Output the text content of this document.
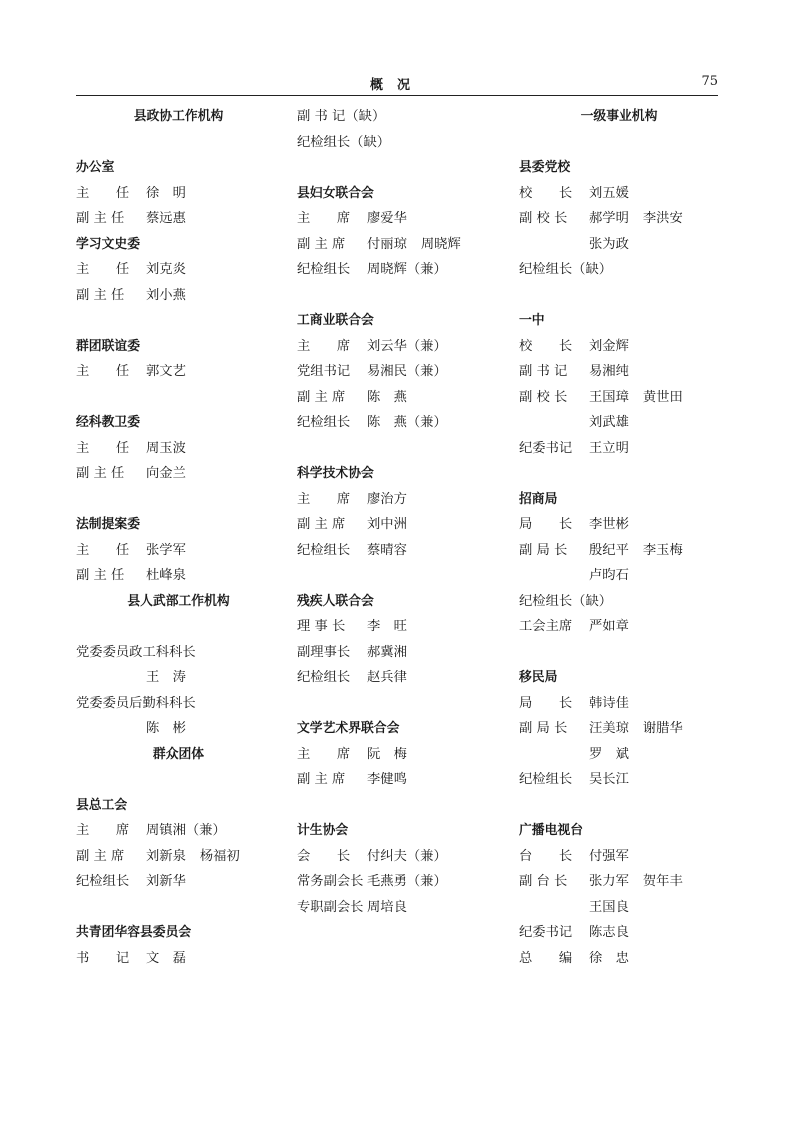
概况	75
县政协工作机构
办公室
主　　任 徐　明
副 主 任 蔡远惠
学习文史委
主　　任 刘克炎
副 主 任 刘小燕
群团联谊委
主　　任 郭文艺
经科教卫委
主　　任 周玉波
副 主 任 向金兰
法制提案委
主　　任 张学军
副 主 任 杜峰泉
县人武部工作机构
党委委员政工科科长
王　涛
党委委员后勤科科长
陈　彬
群众团体
县总工会
主　　席 周镇湘（兼）
副 主 席 刘新泉 杨福初
纪检组长 刘新华
共青团华容县委员会
书　　记 文　磊
副 书 记（缺）
纪检组长（缺）
县妇女联合会
主　　席 廖爱华
副 主 席 付丽琼 周晓辉
纪检组长 周晓辉（兼）
工商业联合会
主　　席 刘云华（兼）
党组书记 易湘民（兼）
副 主 席 陈　燕
纪检组长 陈　燕（兼）
科学技术协会
主　　席 廖治方
副 主 席 刘中洲
纪检组长 蔡晴容
残疾人联合会
理 事 长 李　旺
副理事长 郝冀湘
纪检组长 赵兵律
文学艺术界联合会
主　　席 阮　梅
副 主 席 李健鸣
计生协会
会　　长 付纠夫（兼）
常务副会长 毛燕勇（兼）
专职副会长 周培良
一级事业机构
县委党校
校　　长 刘五媛
副 校 长 郝学明 李洪安
张为政
纪检组长（缺）
一中
校　　长 刘金辉
副 书 记 易湘纯
副 校 长 王国璋 黄世田
刘武雄
纪委书记 王立明
招商局
局　　长 李世彬
副 局 长 殷纪平 李玉梅
卢昀石
纪检组长（缺）
工会主席 严如章
移民局
局　　长 韩诗佳
副 局 长 汪美琼 谢腊华
罗　斌
纪检组长 吴长江
广播电视台
台　　长 付强军
副 台 长 张力军 贺年丰
王国良
纪委书记 陈志良
总　　编 徐　忠
